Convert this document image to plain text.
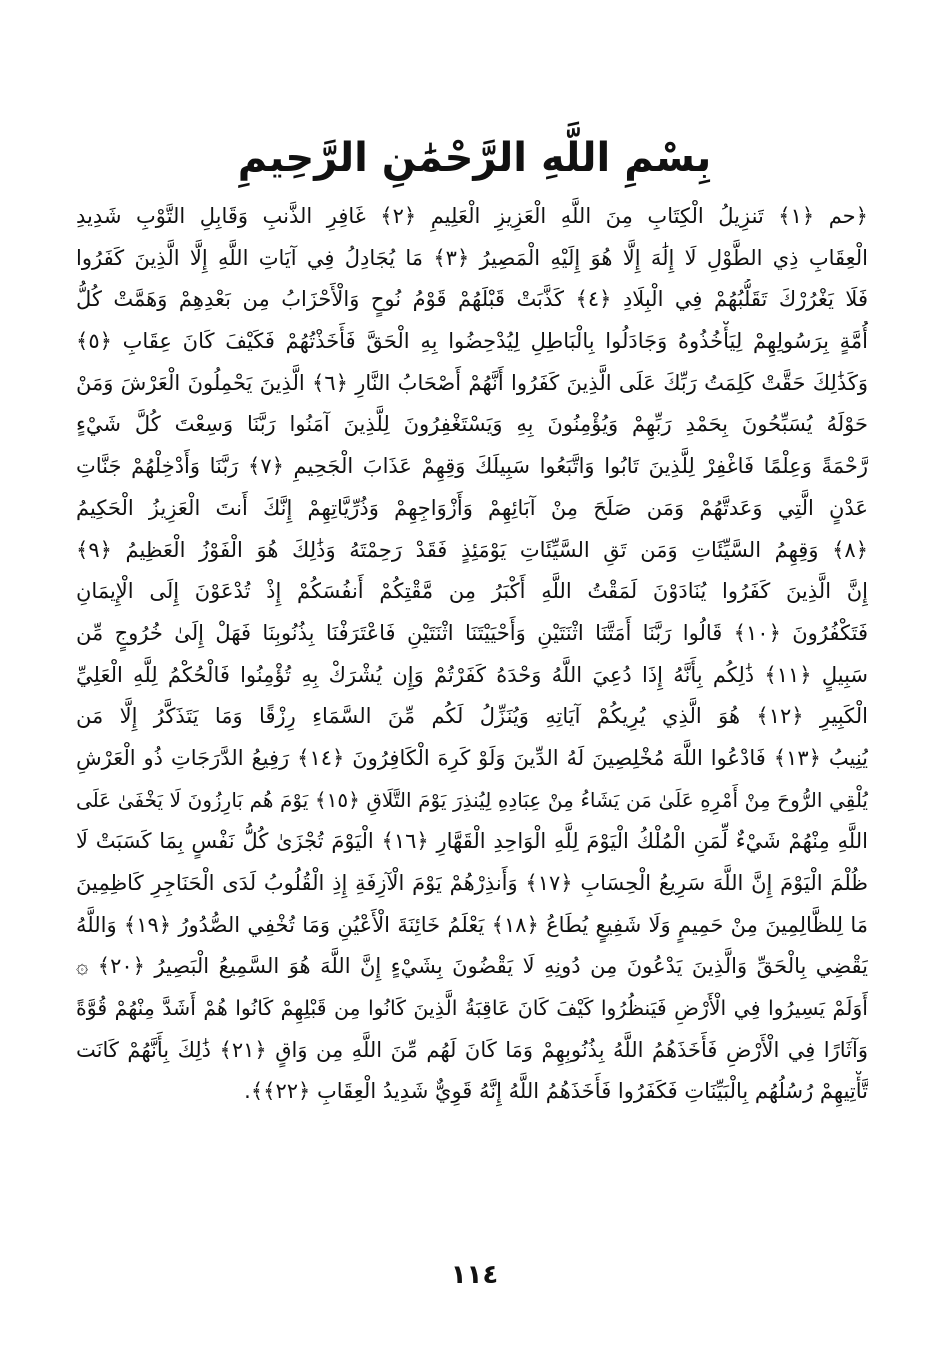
بِسْمِ اللَّهِ الرَّحْمَٰنِ الرَّحِيمِ
﴿حم ﴿١﴾ تَنزِيلُ الْكِتَابِ مِنَ اللَّهِ الْعَزِيزِ الْعَلِيمِ ﴿٢﴾ غَافِرِ الذَّنبِ وَقَابِلِ التَّوْبِ شَدِيدِ
الْعِقَابِ ذِي الطَّوْلِ لَا إِلَٰهَ إِلَّا هُوَ إِلَيْهِ الْمَصِيرُ ﴿٣﴾ مَا يُجَادِلُ فِي آيَاتِ اللَّهِ إِلَّا الَّذِينَ كَفَرُوا
فَلَا يَغْرُرْكَ تَقَلُّبُهُمْ فِي الْبِلَادِ ﴿٤﴾ كَذَّبَتْ قَبْلَهُمْ قَوْمُ نُوحٍ وَالْأَحْزَابُ مِن بَعْدِهِمْ وَهَمَّتْ كُلُّ
أُمَّةٍ بِرَسُولِهِمْ لِيَأْخُذُوهُ وَجَادَلُوا بِالْبَاطِلِ لِيُدْحِضُوا بِهِ الْحَقَّ فَأَخَذْتُهُمْ فَكَيْفَ كَانَ عِقَابِ ﴿٥﴾
وَكَذَٰلِكَ حَقَّتْ كَلِمَتُ رَبِّكَ عَلَى الَّذِينَ كَفَرُوا أَنَّهُمْ أَصْحَابُ النَّارِ ﴿٦﴾ الَّذِينَ يَحْمِلُونَ الْعَرْشَ وَمَنْ
حَوْلَهُ يُسَبِّحُونَ بِحَمْدِ رَبِّهِمْ وَيُؤْمِنُونَ بِهِ وَيَسْتَغْفِرُونَ لِلَّذِينَ آمَنُوا رَبَّنَا وَسِعْتَ كُلَّ شَيْءٍ
رَّحْمَةً وَعِلْمًا فَاغْفِرْ لِلَّذِينَ تَابُوا وَاتَّبَعُوا سَبِيلَكَ وَقِهِمْ عَذَابَ الْجَحِيمِ ﴿٧﴾ رَبَّنَا وَأَدْخِلْهُمْ جَنَّاتِ
عَدْنٍ الَّتِي وَعَدتَّهُمْ وَمَن صَلَحَ مِنْ آبَائِهِمْ وَأَزْوَاجِهِمْ وَذُرِّيَّاتِهِمْ إِنَّكَ أَنتَ الْعَزِيزُ الْحَكِيمُ
﴿٨﴾ وَقِهِمُ السَّيِّئَاتِ وَمَن تَقِ السَّيِّئَاتِ يَوْمَئِذٍ فَقَدْ رَحِمْتَهُ وَذَٰلِكَ هُوَ الْفَوْزُ الْعَظِيمُ ﴿٩﴾
إِنَّ الَّذِينَ كَفَرُوا يُنَادَوْنَ لَمَقْتُ اللَّهِ أَكْبَرُ مِن مَّقْتِكُمْ أَنفُسَكُمْ إِذْ تُدْعَوْنَ إِلَى الْإِيمَانِ
فَتَكْفُرُونَ ﴿١٠﴾ قَالُوا رَبَّنَا أَمَتَّنَا اثْنَتَيْنِ وَأَحْيَيْتَنَا اثْنَتَيْنِ فَاعْتَرَفْنَا بِذُنُوبِنَا فَهَلْ إِلَىٰ خُرُوجٍ مِّن
سَبِيلٍ ﴿١١﴾ ذَٰلِكُم بِأَنَّهُ إِذَا دُعِيَ اللَّهُ وَحْدَهُ كَفَرْتُمْ وَإِن يُشْرَكْ بِهِ تُؤْمِنُوا فَالْحُكْمُ لِلَّهِ الْعَلِيِّ
الْكَبِيرِ ﴿١٢﴾ هُوَ الَّذِي يُرِيكُمْ آيَاتِهِ وَيُنَزِّلُ لَكُم مِّنَ السَّمَاءِ رِزْقًا وَمَا يَتَذَكَّرُ إِلَّا مَن
يُنِيبُ ﴿١٣﴾ فَادْعُوا اللَّهَ مُخْلِصِينَ لَهُ الدِّينَ وَلَوْ كَرِهَ الْكَافِرُونَ ﴿١٤﴾ رَفِيعُ الدَّرَجَاتِ ذُو الْعَرْشِ
يُلْقِي الرُّوحَ مِنْ أَمْرِهِ عَلَىٰ مَن يَشَاءُ مِنْ عِبَادِهِ لِيُنذِرَ يَوْمَ التَّلَاقِ ﴿١٥﴾ يَوْمَ هُم بَارِزُونَ لَا يَخْفَىٰ عَلَى
اللَّهِ مِنْهُمْ شَيْءٌ لِّمَنِ الْمُلْكُ الْيَوْمَ لِلَّهِ الْوَاحِدِ الْقَهَّارِ ﴿١٦﴾ الْيَوْمَ تُجْزَىٰ كُلُّ نَفْسٍ بِمَا كَسَبَتْ لَا
ظُلْمَ الْيَوْمَ إِنَّ اللَّهَ سَرِيعُ الْحِسَابِ ﴿١٧﴾ وَأَنذِرْهُمْ يَوْمَ الْآزِفَةِ إِذِ الْقُلُوبُ لَدَى الْحَنَاجِرِ كَاظِمِينَ
مَا لِلظَّالِمِينَ مِنْ حَمِيمٍ وَلَا شَفِيعٍ يُطَاعُ ﴿١٨﴾ يَعْلَمُ خَائِنَةَ الْأَعْيُنِ وَمَا تُخْفِي الصُّدُورُ ﴿١٩﴾ وَاللَّهُ
يَقْضِي بِالْحَقِّ وَالَّذِينَ يَدْعُونَ مِن دُونِهِ لَا يَقْضُونَ بِشَيْءٍ إِنَّ اللَّهَ هُوَ السَّمِيعُ الْبَصِيرُ ﴿٢٠﴾ ۞
أَوَلَمْ يَسِيرُوا فِي الْأَرْضِ فَيَنظُرُوا كَيْفَ كَانَ عَاقِبَةُ الَّذِينَ كَانُوا مِن قَبْلِهِمْ كَانُوا هُمْ أَشَدَّ مِنْهُمْ قُوَّةً
وَآثَارًا فِي الْأَرْضِ فَأَخَذَهُمُ اللَّهُ بِذُنُوبِهِمْ وَمَا كَانَ لَهُم مِّنَ اللَّهِ مِن وَاقٍ ﴿٢١﴾ ذَٰلِكَ بِأَنَّهُمْ كَانَت
تَّأْتِيهِمْ رُسُلُهُم بِالْبَيِّنَاتِ فَكَفَرُوا فَأَخَذَهُمُ اللَّهُ إِنَّهُ قَوِيٌّ شَدِيدُ الْعِقَابِ ﴿٢٢﴾﴾.
١١٤
